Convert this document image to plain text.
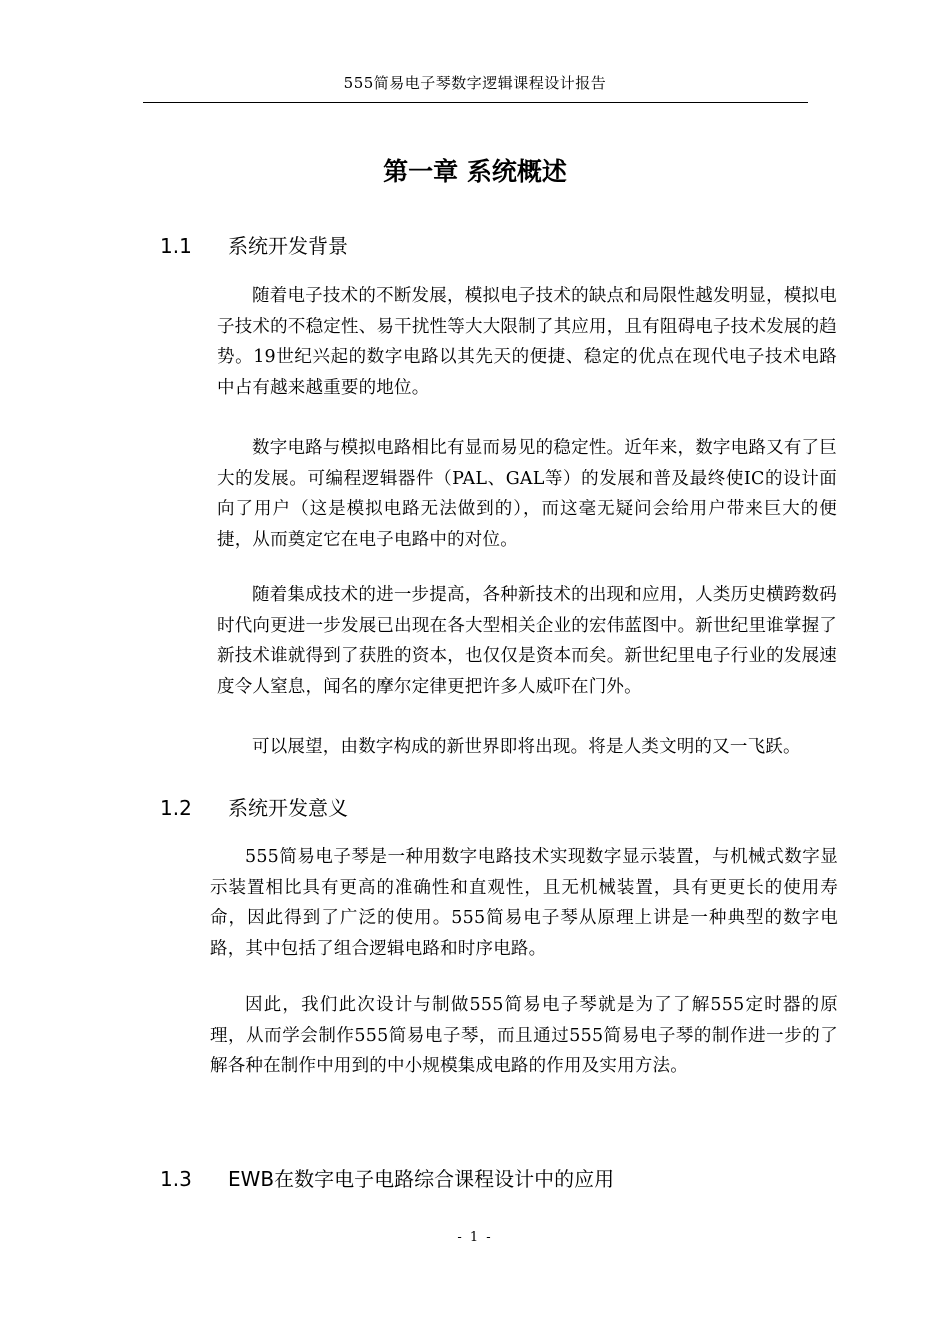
555简易电子琴数字逻辑课程设计报告
第一章 系统概述
1.1 系统开发背景

随着电子技术的不断发展，模拟电子技术的缺点和局限性越发明显，模拟电子技术的不稳定性、易干扰性等大大限制了其应用，且有阻碍电子技术发展的趋势。19世纪兴起的数字电路以其先天的便捷、稳定的优点在现代电子技术电路中占有越来越重要的地位。

数字电路与模拟电路相比有显而易见的稳定性。近年来，数字电路又有了巨大的发展。可编程逻辑器件（PAL、GAL等）的发展和普及最终使IC的设计面向了用户（这是模拟电路无法做到的），而这毫无疑问会给用户带来巨大的便捷，从而奠定它在电子电路中的对位。

随着集成技术的进一步提高，各种新技术的出现和应用，人类历史横跨数码时代向更进一步发展已出现在各大型相关企业的宏伟蓝图中。新世纪里谁掌握了新技术谁就得到了获胜的资本，也仅仅是资本而矣。新世纪里电子行业的发展速度令人窒息，闻名的摩尔定律更把许多人威吓在门外。

可以展望，由数字构成的新世界即将出现。将是人类文明的又一飞跃。

1.2 系统开发意义

555简易电子琴是一种用数字电路技术实现数字显示装置，与机械式数字显示装置相比具有更高的准确性和直观性，且无机械装置，具有更更长的使用寿命，因此得到了广泛的使用。555简易电子琴从原理上讲是一种典型的数字电路，其中包括了组合逻辑电路和时序电路。

因此，我们此次设计与制做555简易电子琴就是为了了解555定时器的原理，从而学会制作555简易电子琴，而且通过555简易电子琴的制作进一步的了解各种在制作中用到的中小规模集成电路的作用及实用方法。

1.3 EWB在数字电子电路综合课程设计中的应用
- 1 -
